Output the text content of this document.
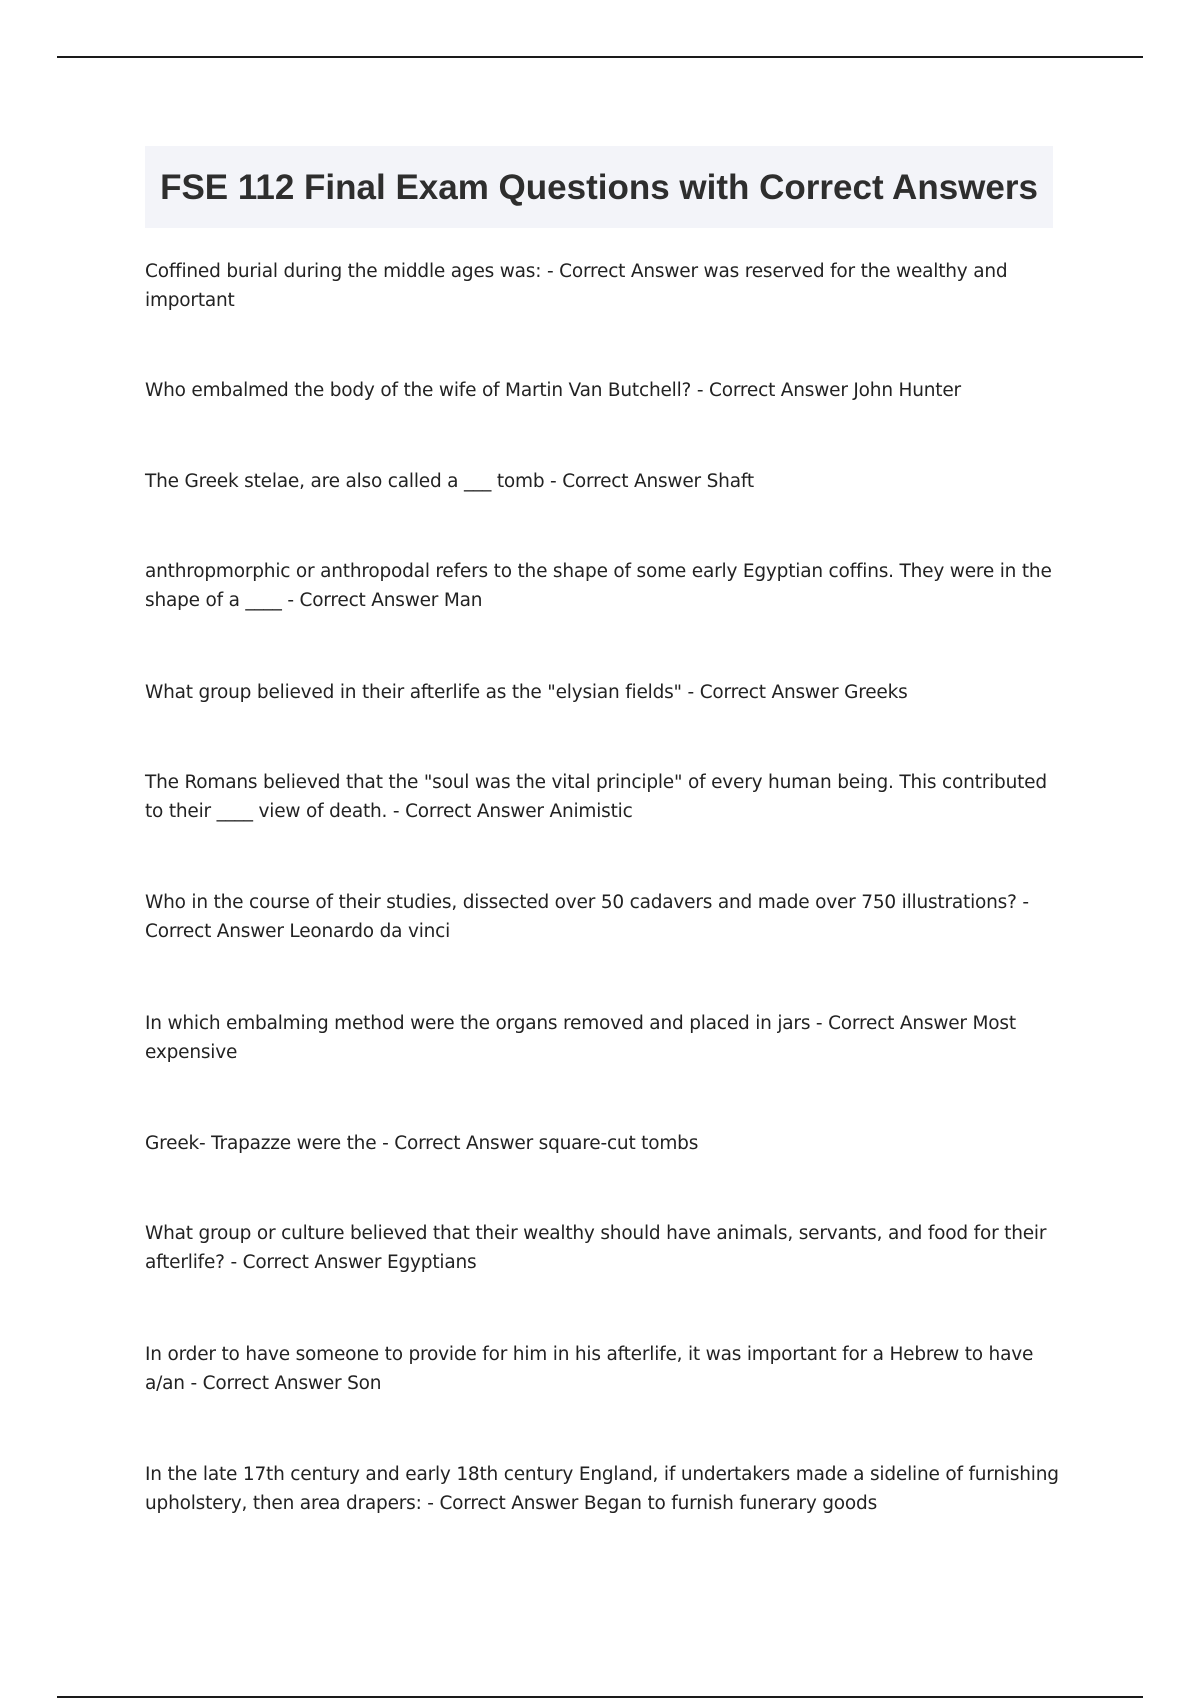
FSE 112 Final Exam Questions with Correct Answers

Coffined burial during the middle ages was: - Correct Answer was reserved for the wealthy and important

Who embalmed the body of the wife of Martin Van Butchell? - Correct Answer John Hunter

The Greek stelae, are also called a ___ tomb - Correct Answer Shaft

anthropmorphic or anthropodal refers to the shape of some early Egyptian coffins. They were in the shape of a ____ - Correct Answer Man

What group believed in their afterlife as the "elysian fields" - Correct Answer Greeks

The Romans believed that the "soul was the vital principle" of every human being. This contributed to their ____ view of death. - Correct Answer Animistic

Who in the course of their studies, dissected over 50 cadavers and made over 750 illustrations? - Correct Answer Leonardo da vinci

In which embalming method were the organs removed and placed in jars - Correct Answer Most expensive

Greek- Trapazze were the - Correct Answer square-cut tombs

What group or culture believed that their wealthy should have animals, servants, and food for their afterlife? - Correct Answer Egyptians

In order to have someone to provide for him in his afterlife, it was important for a Hebrew to have a/an - Correct Answer Son

In the late 17th century and early 18th century England, if undertakers made a sideline of furnishing upholstery, then area drapers: - Correct Answer Began to furnish funerary goods
